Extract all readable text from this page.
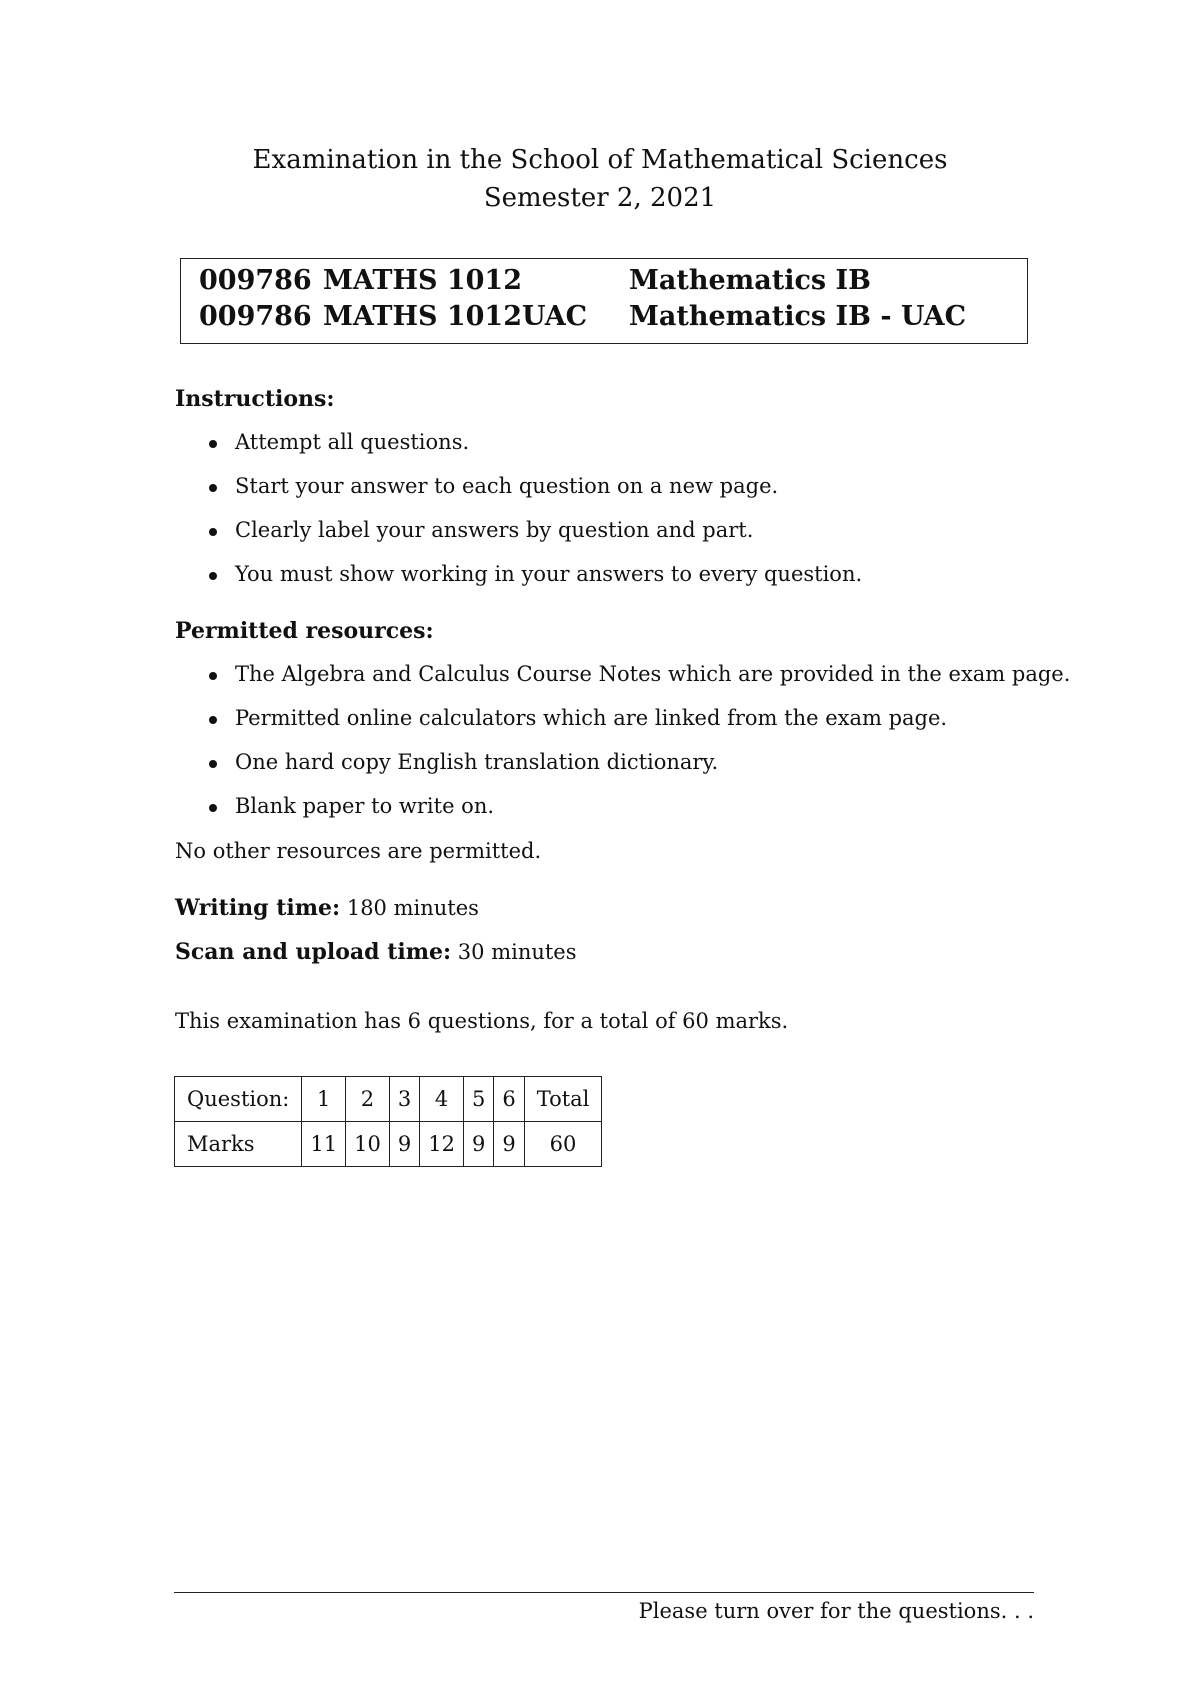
Examination in the School of Mathematical Sciences
Semester 2, 2021
009786 MATHS 1012	Mathematics IB
009786 MATHS 1012UAC Mathematics IB - UAC
Instructions:
Attempt all questions.
Start your answer to each question on a new page.
Clearly label your answers by question and part.
You must show working in your answers to every question.
Permitted resources:
The Algebra and Calculus Course Notes which are provided in the exam page.
Permitted online calculators which are linked from the exam page.
One hard copy English translation dictionary.
Blank paper to write on.
No other resources are permitted.
Writing time: 180 minutes
Scan and upload time: 30 minutes
This examination has 6 questions, for a total of 60 marks.
Question:	1	2	3	4	5	6	Total
Marks	11	10	9	12	9	9	60
Please turn over for the questions. . .
